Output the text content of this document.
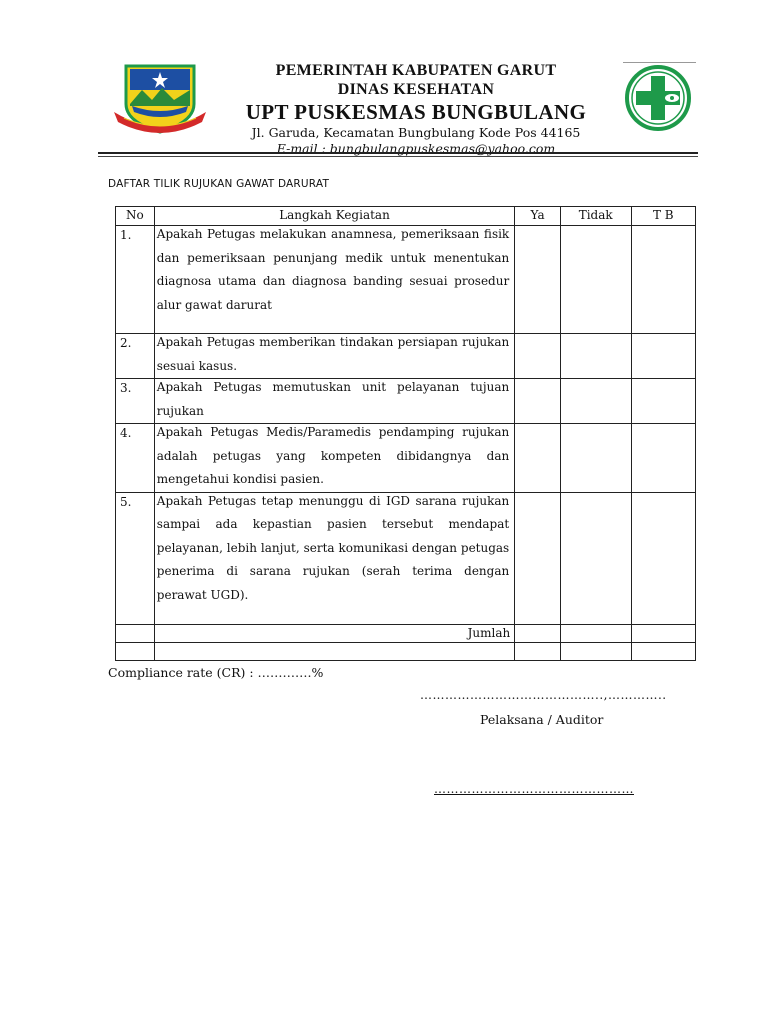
PEMERINTAH KABUPATEN GARUT
DINAS KESEHATAN
UPT PUSKESMAS BUNGBULANG
Jl. Garuda, Kecamatan Bungbulang Kode Pos 44165
E-mail : bungbulangpuskesmas@yahoo.com
DAFTAR TILIK RUJUKAN GAWAT DARURAT
No	Langkah Kegiatan	Ya	Tidak	T B
1.	Apakah Petugas melakukan anamnesa, pemeriksaan fisik dan pemeriksaan penunjang medik untuk menentukan diagnosa utama dan diagnosa banding sesuai prosedur alur gawat darurat			

2.	Apakah Petugas memberikan tindakan persiapan rujukan sesuai kasus.			

3.	Apakah Petugas memutuskan unit pelayanan tujuan rujukan			

4.	Apakah Petugas Medis/Paramedis pendamping rujukan adalah petugas yang kompeten dibidangnya dan mengetahui kondisi pasien.			

5.	Apakah Petugas tetap menunggu di IGD sarana rujukan sampai ada kepastian pasien tersebut mendapat pelayanan, lebih lanjut, serta komunikasi dengan petugas penerima di sarana rujukan (serah terima dengan perawat UGD).			

	Jumlah			

Compliance rate (CR) : ………….%
……………………………………..,…………..
Pelaksana / Auditor
…………………………………………
